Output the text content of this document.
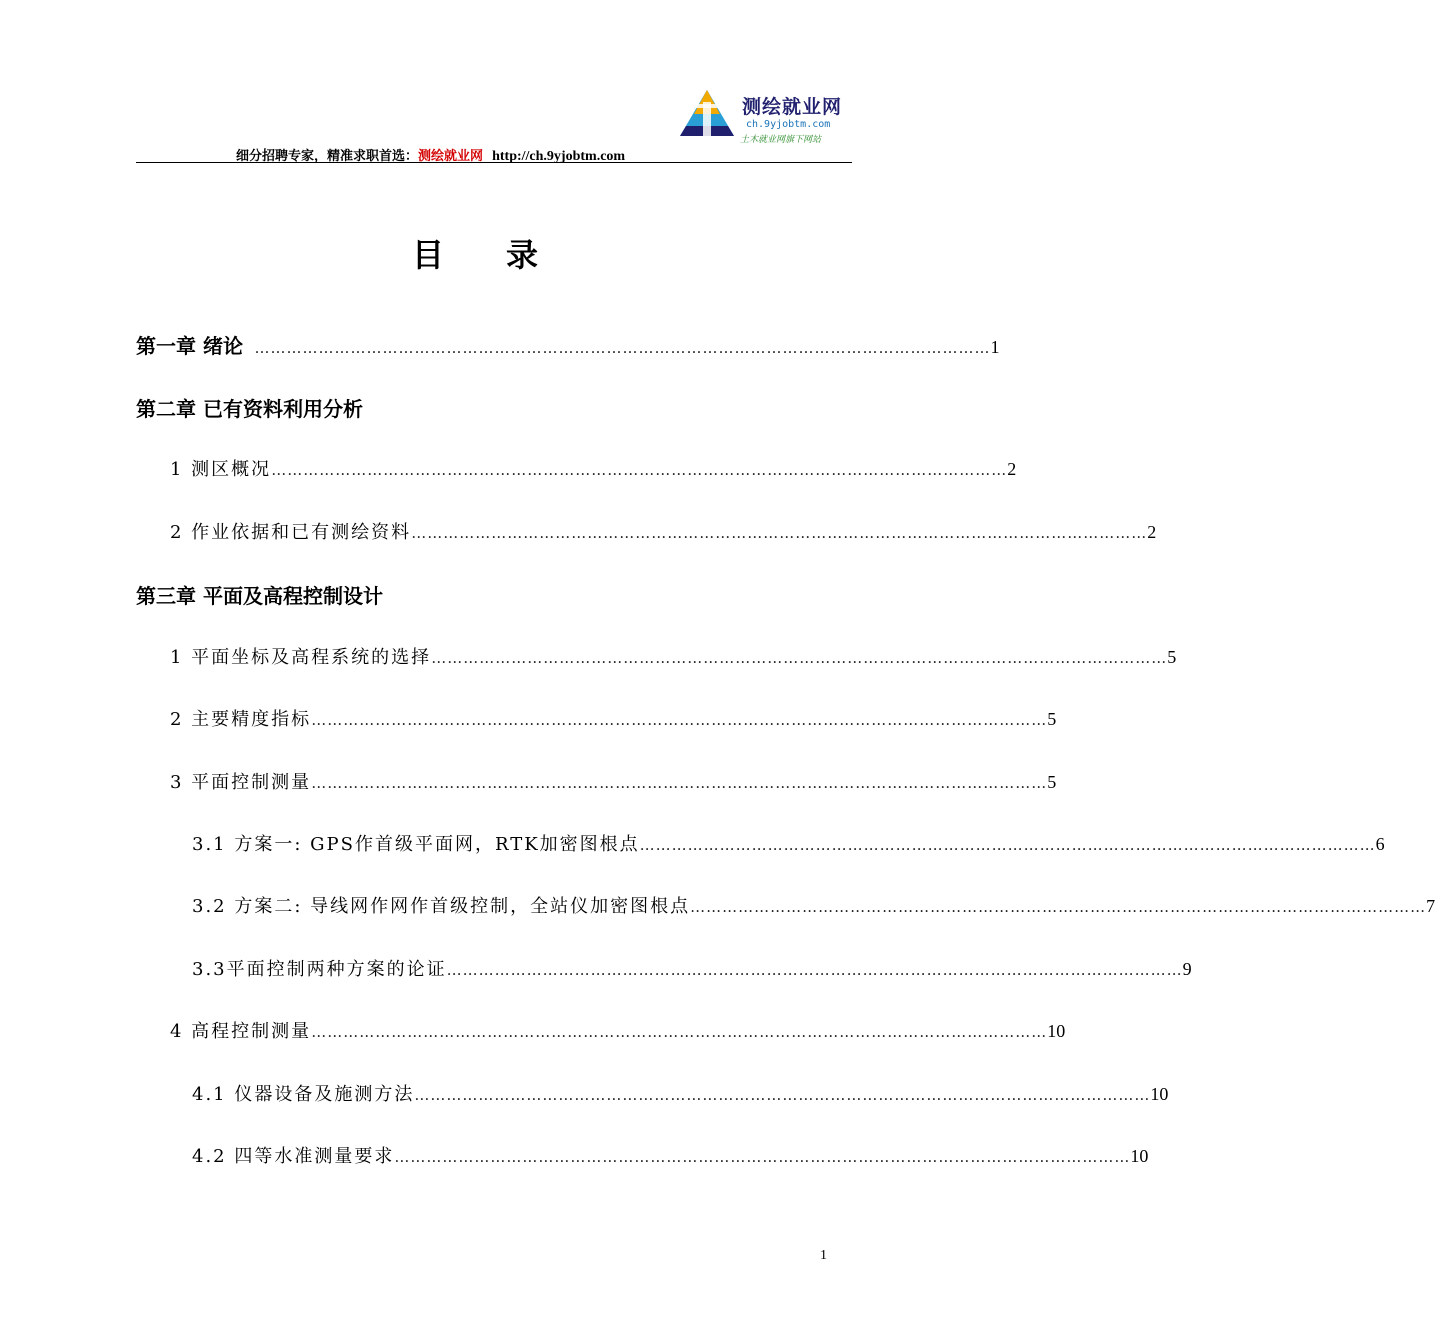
测绘就业网
ch.9yjobtm.com
土木就业网旗下网站
细分招聘专家，精准求职首选：测绘就业网 http://ch.9yjobtm.com
目 录
第一章 绪论 ………………………………………………………………………………………………………………………… 1
第二章 已有资料利用分析
1 测区概况 ………………………………………………………………………………………………………………………… 2
2 作业依据和已有测绘资料 ………………………………………………………………………………………………………………………… 2
第三章 平面及高程控制设计
1 平面坐标及高程系统的选择 ………………………………………………………………………………………………………………………… 5
2 主要精度指标 ………………………………………………………………………………………………………………………… 5
3 平面控制测量 ………………………………………………………………………………………………………………………… 5
3.1 方案一: GPS作首级平面网，RTK加密图根点 ………………………………………………………………………………………………………………………… 6
3.2 方案二: 导线网作网作首级控制，全站仪加密图根点 ………………………………………………………………………………………………………………………… 7
3.3平面控制两种方案的论证 ………………………………………………………………………………………………………………………… 9
4 高程控制测量 ………………………………………………………………………………………………………………………… 10
4.1 仪器设备及施测方法 ………………………………………………………………………………………………………………………… 10
4.2 四等水准测量要求 ………………………………………………………………………………………………………………………… 10
1
